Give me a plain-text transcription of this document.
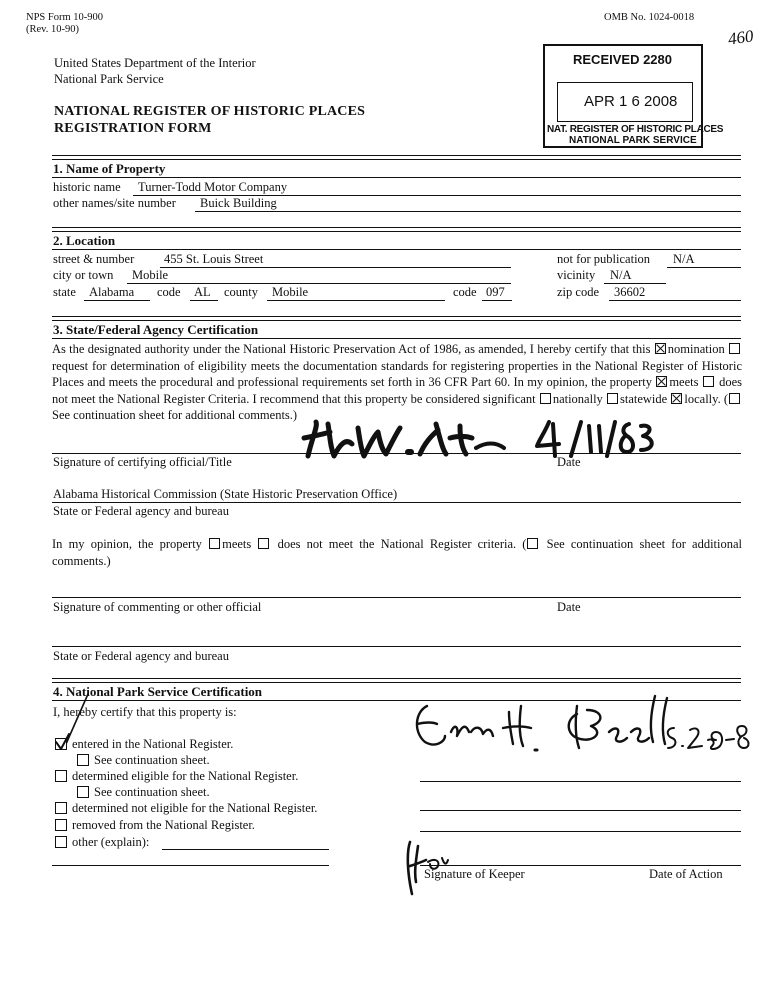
NPS Form 10-900
(Rev. 10-90)
OMB No. 1024-0018
460
United States Department of the Interior
National Park Service
NATIONAL REGISTER OF HISTORIC PLACES
REGISTRATION FORM
RECEIVED 2280
APR 1 6 2008
NAT. REGISTER OF HISTORIC PLACES
NATIONAL PARK SERVICE
1. Name of Property
historic name Turner-Todd Motor Company
other names/site number Buick Building
2. Location
street & number 455 St. Louis Street	not for publication N/A
city or town Mobile	vicinity N/A
state Alabama code AL county Mobile	code 097	zip code 36602
3. State/Federal Agency Certification
As the designated authority under the National Historic Preservation Act of 1986, as amended, I hereby certify that this nomination  request for determination of eligibility meets the documentation standards for registering properties in the National Register of Historic Places and meets the procedural and professional requirements set forth in 36 CFR Part 60. In my opinion, the property meets does not meet the National Register Criteria. I recommend that this property be considered significant nationally statewide locally. (See continuation sheet for additional comments.)
Signature of certifying official/Title	Date
Alabama Historical Commission (State Historic Preservation Office)
State or Federal agency and bureau
In my opinion, the property meets does not meet the National Register criteria. ( See continuation sheet for additional comments.)
Signature of commenting or other official	Date
State or Federal agency and bureau
4. National Park Service Certification
I, hereby certify that this property is:
entered in the National Register.
See continuation sheet.
determined eligible for the National Register.
See continuation sheet.
determined not eligible for the National Register.
removed from the National Register.
other (explain):
Signature of Keeper	Date of Action
